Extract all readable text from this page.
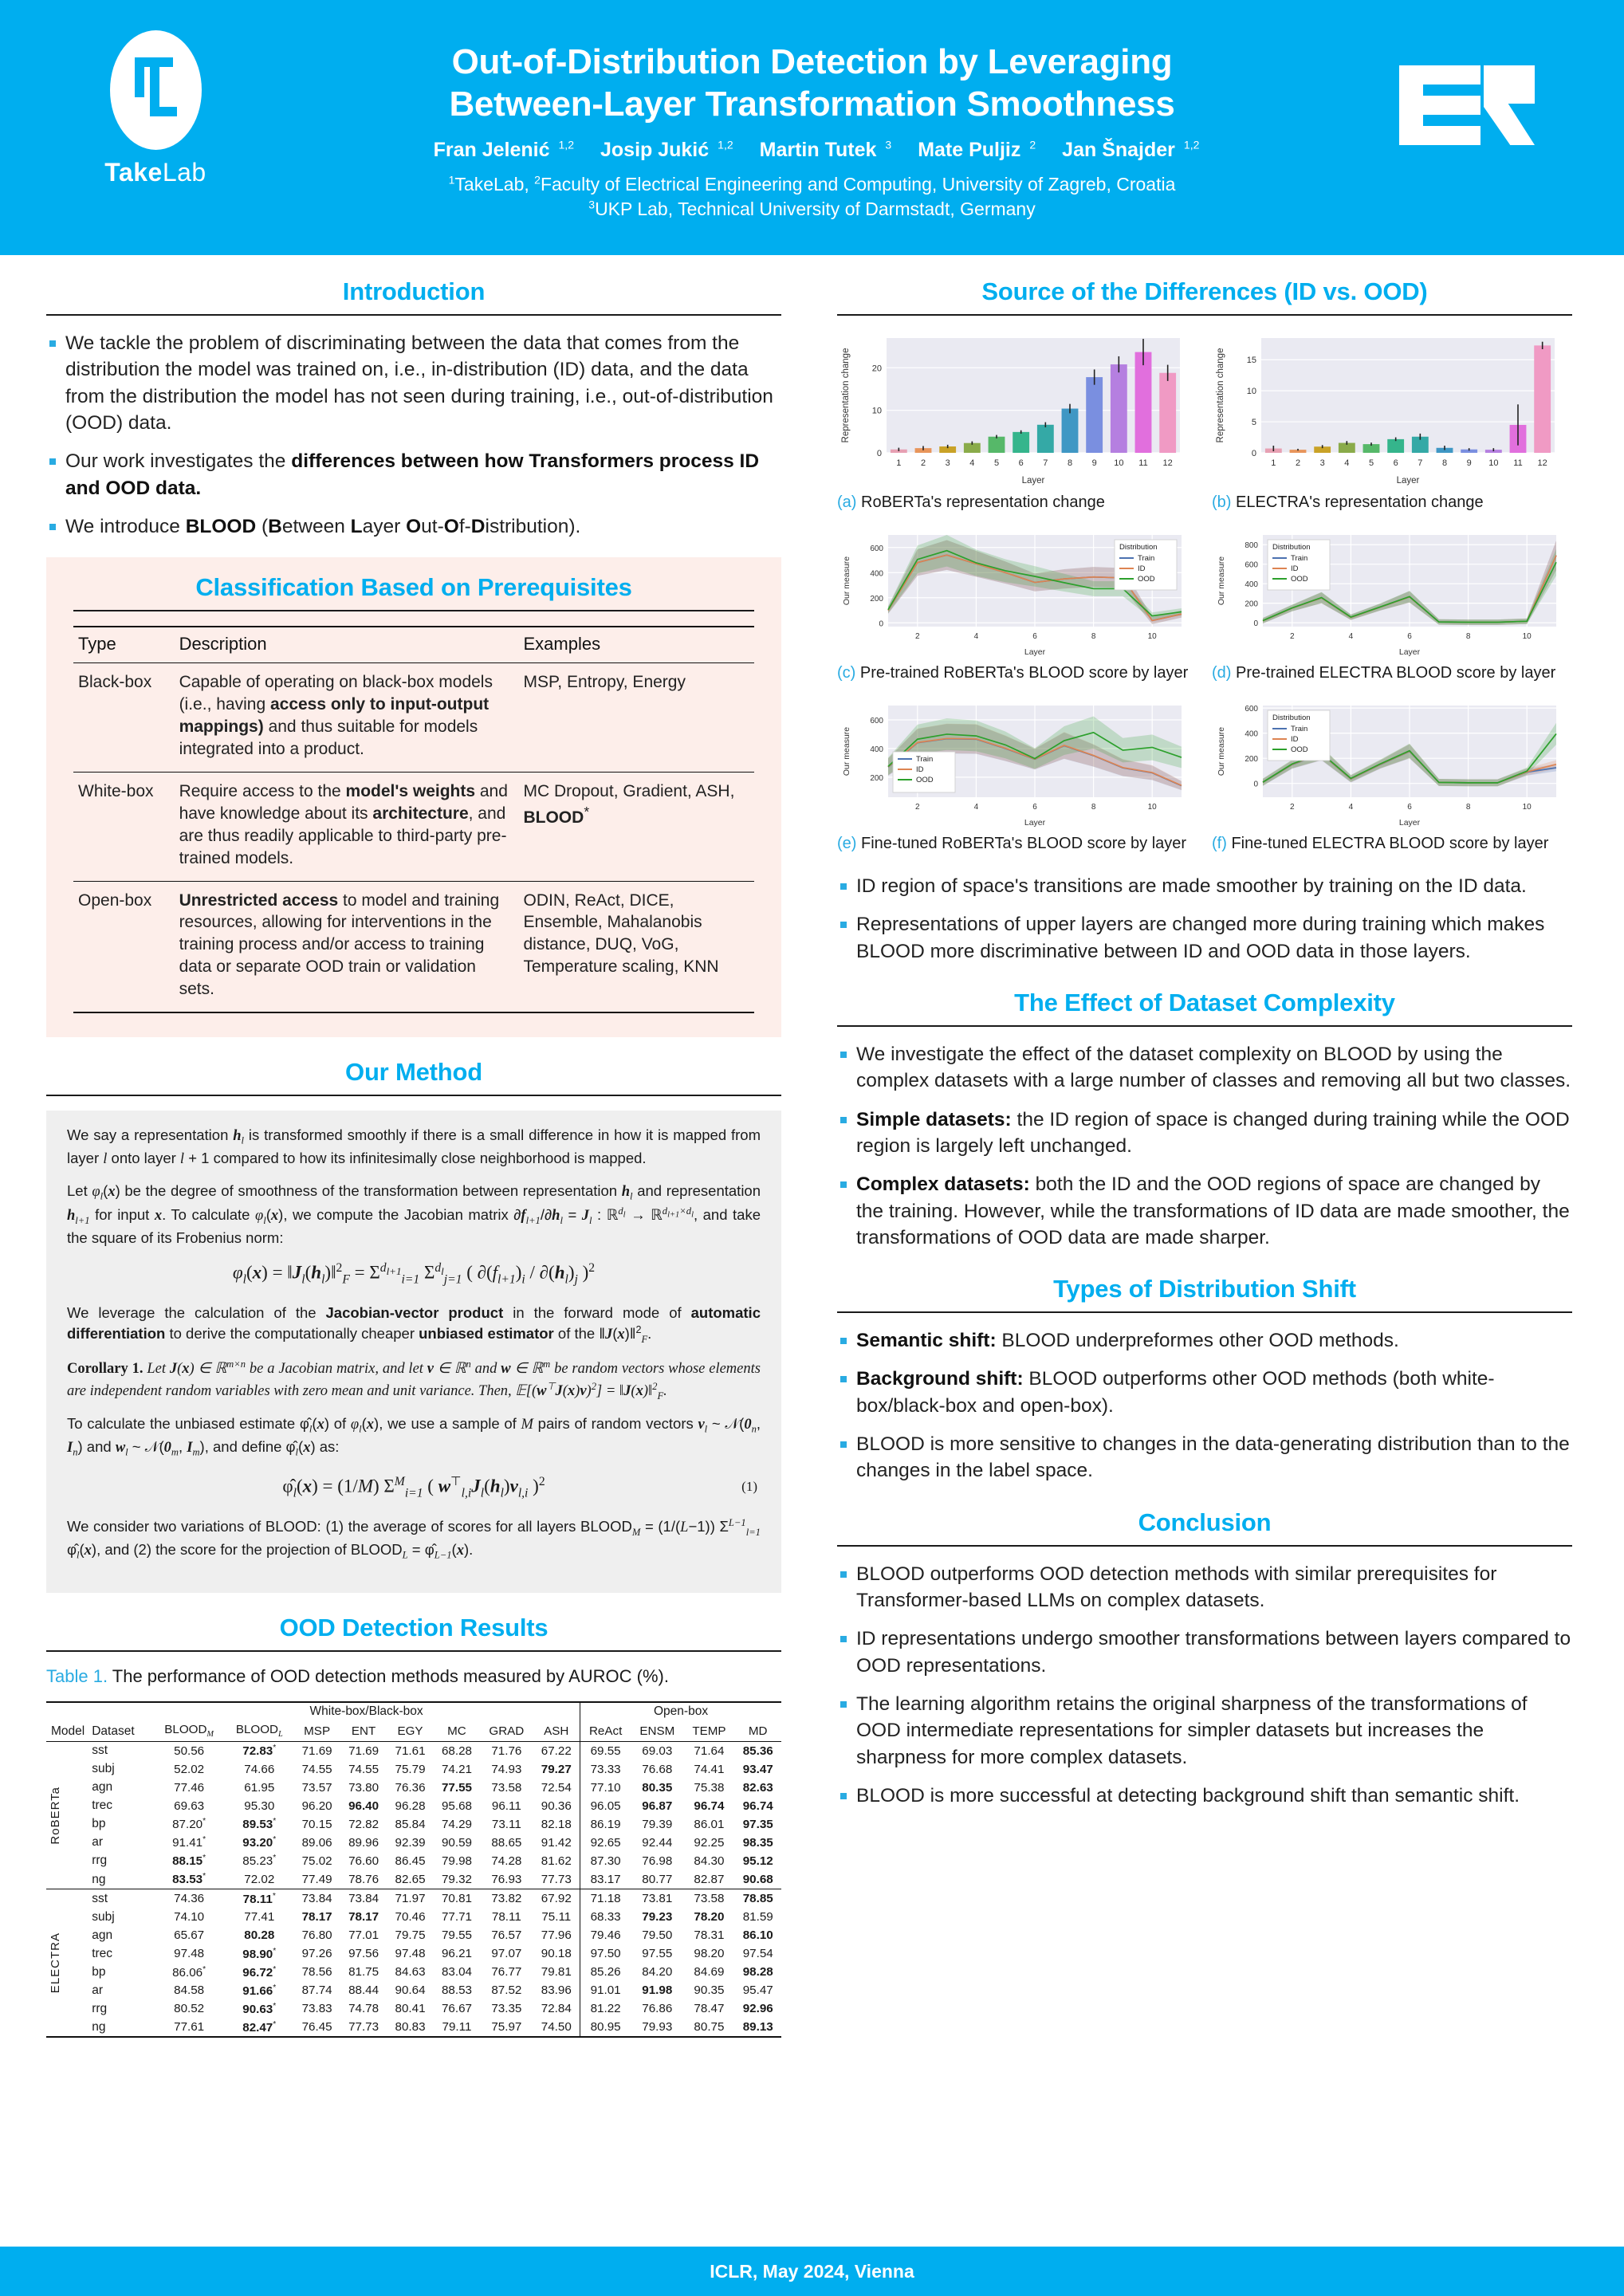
TakeLab
Out-of-Distribution Detection by Leveraging
Between-Layer Transformation Smoothness
Fran Jelenić $^{1,2}$ Josip Jukić $^{1,2}$ Martin Tutek $^3$ Mate Puljiz $^2$ Jan Šnajder $^{1,2}$
$^1$TakeLab, $^2$Faculty of Electrical Engineering and Computing, University of Zagreb, Croatia
$^3$UKP Lab, Technical University of Darmstadt, Germany
Introduction
We tackle the problem of discriminating between the data that comes from the distribution the model was trained on, i.e., in-distribution (ID) data, and the data from the distribution the model has not seen during training, i.e., out-of-distribution (OOD) data.
Our work investigates the differences between how Transformers process ID and OOD data.
We introduce BLOOD (Between Layer Out-Of-Distribution).
Classification Based on Prerequisites
Type	Description	Examples
Black-box	Capable of operating on black-box models (i.e., having access only to input-output mappings) and thus suitable for models integrated into a product.	MSP, Entropy, Energy
White-box	Require access to the model's weights and have knowledge about its architecture, and are thus readily applicable to third-party pre-trained models.	MC Dropout, Gradient, ASH, BLOOD*
Open-box	Unrestricted access to model and training resources, allowing for interventions in the training process and/or access to training data or separate OOD train or validation sets.	ODIN, ReAct, DICE, Ensemble, Mahalanobis distance, DUQ, VoG, Temperature scaling, KNN

Our Method

We say a representation $h_l$ is transformed smoothly if there is a small difference in how it is mapped from layer l onto layer l + 1 compared to how its infinitesimally close neighborhood is mapped.

Let $\varphi_l(x)$ be the degree of smoothness of the transformation between representation $h_l$ and representation $h_{l+1}$ for input x. To calculate $\varphi_l(x)$, we compute the Jacobian matrix $\partial f_{l+1}/\partial h_l = J_l$ : ℝ$^{d_l}$ → ℝ$^{d_{l+1}\times d_l}$, and take the square of its Frobenius norm:

$\varphi_l(x)$ = $‖J_l(h_l)‖^2_F = \Sigma^{d_{l+1}}_{i=1}$ $\Sigma^{d_l}_{j=1}$ ( $\partial(f_{l+1})_i / \partial(h_l)_j$ )$^2$

We leverage the calculation of the Jacobian-vector product in the forward mode of automatic differentiation to derive the computationally cheaper unbiased estimator of the ‖J(x)‖$^2_F$.

Corollary 1. Let J(x) ∈ ℝ$^{m\times n}$ be a Jacobian matrix, and let v ∈ ℝ$^n$ and w ∈ ℝ$^m$ be random vectors whose elements are independent random variables with zero mean and unit variance. Then, $𝔼[(w^⊤J(x)v)^2]$ = ‖J(x)‖$^2_F$.

To calculate the unbiased estimate $\varphî_l(x)$ of $\varphi_l(x)$, we use a sample of M pairs of random vectors $v_l$ ~ $𝒩(0_n$, $I_n$) and $w_l$ ~ $𝒩(0_m$, $I_m$), and define $\varphî_l(x)$ as:

$\varphî_l(x) = (1/M)$ $\Sigma^M_{i=1}$ ( $w^⊤_{l,i}J_l(h_l)v_{l,i}$ )$^2$	(1)

We consider two variations of BLOOD: (1) the average of scores for all layers $BLOOD_M = (1/(L-1))$ $\Sigma^{L-1}_{l=1}$ $\varphî_l(x)$, and (2) the score for the projection of $BLOOD_L$ = $\varphî_{L-1}(x)$.

OOD Detection Results
Table 1. The performance of OOD detection methods measured by AUROC (%).
Model	Dataset	White-box/Black-box								Open-box			
		$BLOOD_M$	$BLOOD_L$	MSP	ENT	EGY	MC	GRAD	ASH	ReAct	ENSM	TEMP	MD

RoBERTa	sst	50.56	72.83*	71.69	71.69	71.61	68.28	71.76	67.22	69.55	69.03	71.64	85.36
	subj	52.02	74.66	74.55	74.55	75.79	74.21	74.93	79.27	73.33	76.68	74.41	93.47
	agn	77.46	61.95	73.57	73.80	76.36	77.55	73.58	72.54	77.10	80.35	75.38	82.63
	trec	69.63	95.30	96.20	96.40	96.28	95.68	96.11	90.36	96.05	96.87	96.74	96.74
	bp	87.20*	89.53*	70.15	72.82	85.84	74.29	73.11	82.18	86.19	79.39	86.01	97.35
	ar	91.41*	93.20*	89.06	89.96	92.39	90.59	88.65	91.42	92.65	92.44	92.25	98.35
	rrg	88.15*	85.23*	75.02	76.60	86.45	79.98	74.28	81.62	87.30	76.98	84.30	95.12
	ng	83.53*	72.02	77.49	78.76	82.65	79.32	76.93	77.73	83.17	80.77	82.87	90.68

ELECTRA	sst	74.36	78.11*	73.84	73.84	71.97	70.81	73.82	67.92	71.18	73.81	73.58	78.85
	subj	74.10	77.41	78.17	78.17	70.46	77.71	78.11	75.11	68.33	79.23	78.20	81.59
	agn	65.67	80.28	76.80	77.01	79.75	79.55	76.57	77.96	79.46	79.50	78.31	86.10
	trec	97.48	98.90*	97.26	97.56	97.48	96.21	97.07	90.18	97.50	97.55	98.20	97.54
	bp	86.06*	96.72*	78.56	81.75	84.63	83.04	76.77	79.81	85.26	84.20	84.69	98.28
	ar	84.58	91.66*	87.74	88.44	90.64	88.53	87.52	83.96	91.01	91.98	90.35	95.47
	rrg	80.52	90.63*	73.83	74.78	80.41	76.67	73.35	72.84	81.22	76.86	78.47	92.96
	ng	77.61	82.47*	76.45	77.73	80.83	79.11	75.97	74.50	80.95	79.93	80.75	89.13

Source of the Differences (ID vs. OOD)
0
10
20
1 2 3 4 5 6 7 8 9 10 11 12
Layer
Representation change
(a) RoBERTa's representation change
0
5
10
15
1 2 3 4 5 6 7 8 9 10 11 12
Layer
Representation change
(b) ELECTRA's representation change
0
200
400
600
2	4	6	8	10
Layer
Our measure
Distribution
Train
ID
OOD
(c) Pre-trained RoBERTa's BLOOD score by layer
0
200
400
600
800
2	4	6	8	10
Layer
Our measure
Distribution
Train
ID
OOD
(d) Pre-trained ELECTRA BLOOD score by layer
200
400
600
2	4	6	8	10
Layer
Our measure	Train
ID
OOD
(e) Fine-tuned RoBERTa's BLOOD score by layer
0
200
400
600
2	4	6	8	10
Layer
Our measure
Distribution
Train
ID
OOD
(f) Fine-tuned ELECTRA BLOOD score by layer
ID region of space's transitions are made smoother by training on the ID data.
Representations of upper layers are changed more during training which makes BLOOD more discriminative between ID and OOD data in those layers.
The Effect of Dataset Complexity
We investigate the effect of the dataset complexity on BLOOD by using the complex datasets with a large number of classes and removing all but two classes.
Simple datasets: the ID region of space is changed during training while the OOD region is largely left unchanged.
Complex datasets: both the ID and the OOD regions of space are changed by the training. However, while the transformations of ID data are made smoother, the transformations of OOD data are made sharper.
Types of Distribution Shift
Semantic shift: BLOOD underpreformes other OOD methods.
Background shift: BLOOD outperforms other OOD methods (both white-box/black-box and open-box).
BLOOD is more sensitive to changes in the data-generating distribution than to the changes in the label space.
Conclusion
BLOOD outperforms OOD detection methods with similar prerequisites for Transformer-based LLMs on complex datasets.
ID representations undergo smoother transformations between layers compared to OOD representations.
The learning algorithm retains the original sharpness of the transformations of OOD intermediate representations for simpler datasets but increases the sharpness for more complex datasets.
BLOOD is more successful at detecting background shift than semantic shift.
ICLR, May 2024, Vienna
